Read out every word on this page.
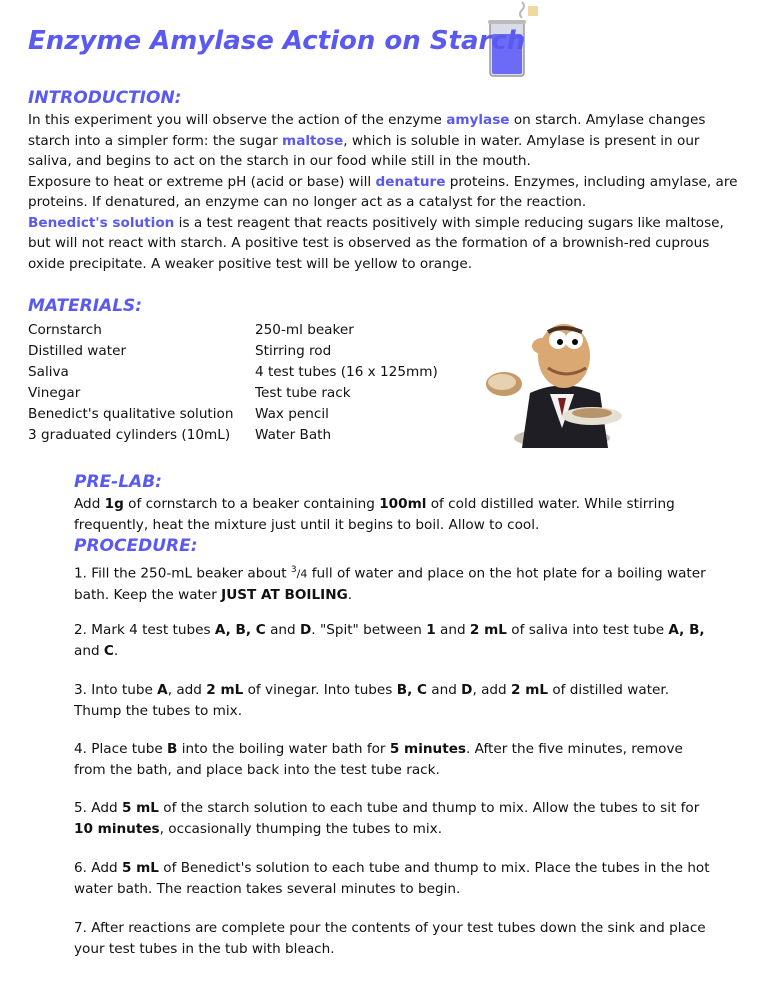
Enzyme Amylase Action on Starch
INTRODUCTION:

In this experiment you will observe the action of the enzyme amylase on starch. Amylase changes starch into a simpler form: the sugar maltose, which is soluble in water. Amylase is present in our saliva, and begins to act on the starch in our food while still in the mouth.
Exposure to heat or extreme pH (acid or base) will denature proteins. Enzymes, including amylase, are proteins. If denatured, an enzyme can no longer act as a catalyst for the reaction.
Benedict's solution is a test reagent that reacts positively with simple reducing sugars like maltose, but will not react with starch. A positive test is observed as the formation of a brownish-red cuprous oxide precipitate. A weaker positive test will be yellow to orange.

MATERIALS:
Cornstarch
Distilled water
Saliva
Vinegar
Benedict's qualitative solution
3 graduated cylinders (10mL)
250-ml beaker
Stirring rod
4 test tubes (16 x 125mm)
Test tube rack
Wax pencil
Water Bath
PRE-LAB:

Add 1g of cornstarch to a beaker containing 100ml of cold distilled water. While stirring frequently, heat the mixture just until it begins to boil. Allow to cool.

PROCEDURE:

1. Fill the 250-mL beaker about $^3$/4 full of water and place on the hot plate for a boiling water bath. Keep the water JUST AT BOILING.

2. Mark 4 test tubes A, B, C and D. "Spit" between 1 and 2 mL of saliva into test tube A, B, and C.

3. Into tube A, add 2 mL of vinegar. Into tubes B, C and D, add 2 mL of distilled water. Thump the tubes to mix.

4. Place tube B into the boiling water bath for 5 minutes. After the five minutes, remove from the bath, and place back into the test tube rack.

5. Add 5 mL of the starch solution to each tube and thump to mix. Allow the tubes to sit for 10 minutes, occasionally thumping the tubes to mix.

6. Add 5 mL of Benedict's solution to each tube and thump to mix. Place the tubes in the hot water bath. The reaction takes several minutes to begin.

7. After reactions are complete pour the contents of your test tubes down the sink and place your test tubes in the tub with bleach.
